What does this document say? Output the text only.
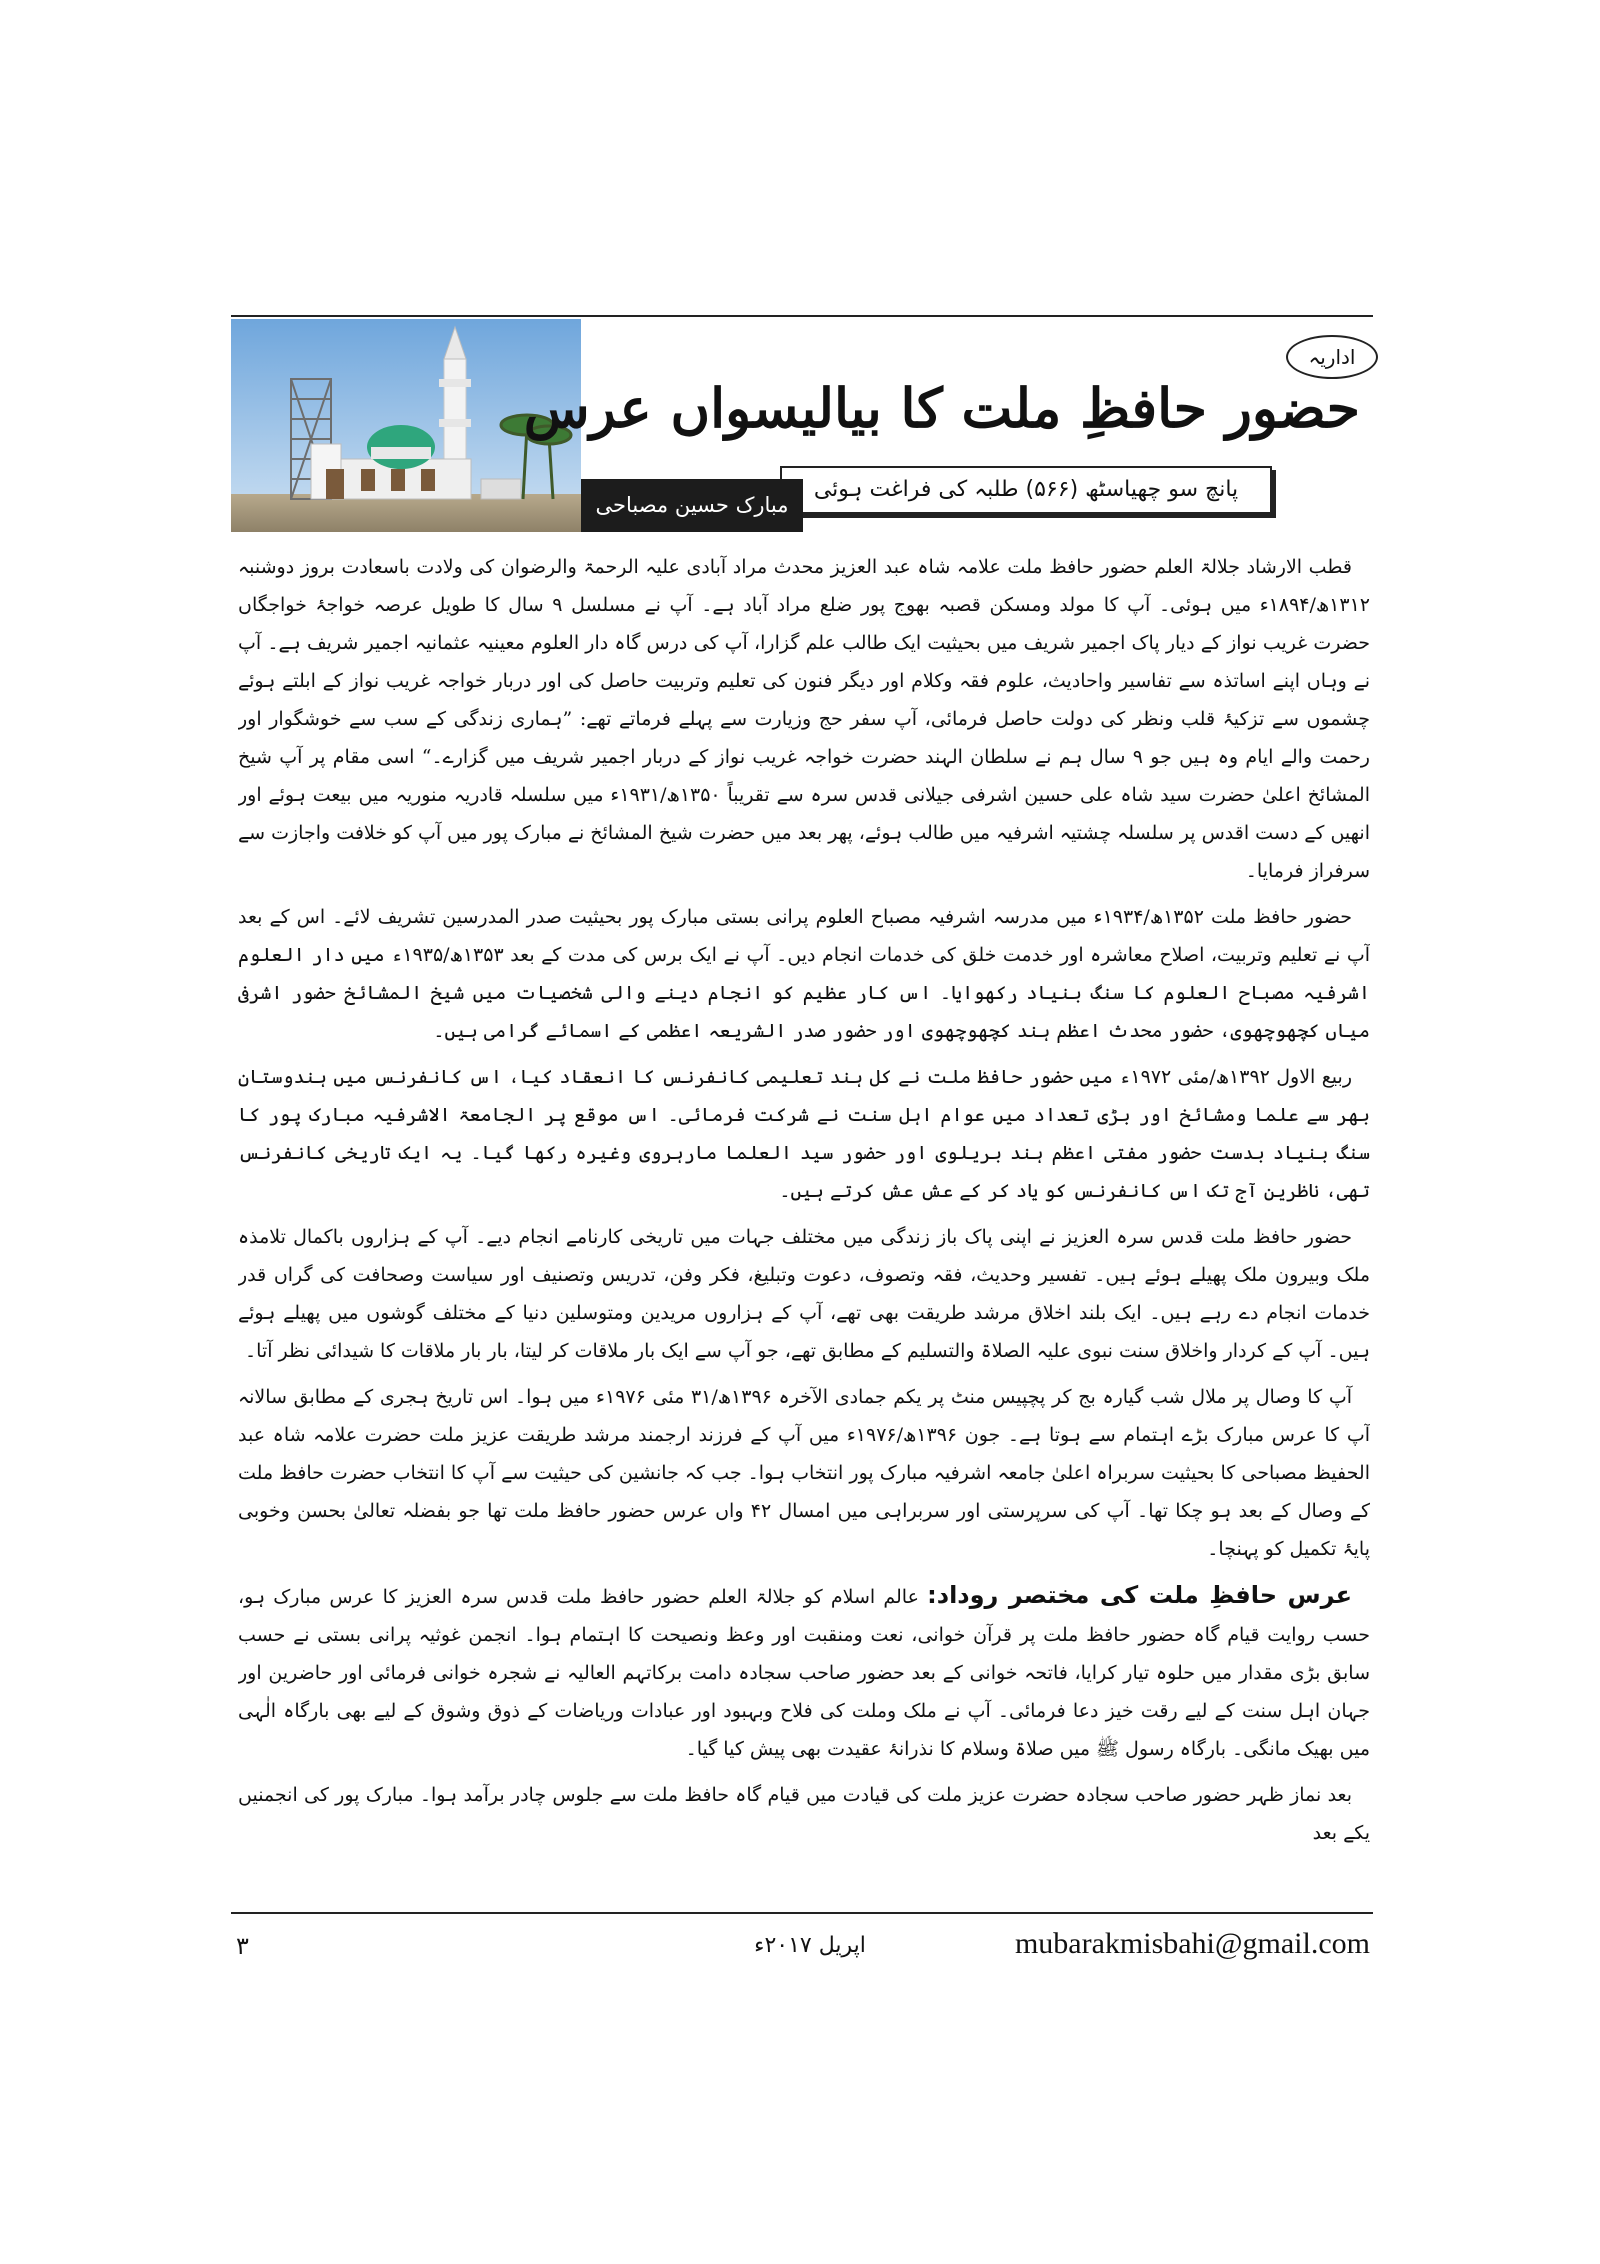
اداریہ
حضور حافظِ ملت کا بیالیسواں عرس
پانچ سو چھیاسٹھ (۵۶۶) طلبہ کی فراغت ہوئی
مبارک حسین مصباحی

قطب الارشاد جلالۃ العلم حضور حافظ ملت علامہ شاہ عبد العزیز محدث مراد آبادی علیہ الرحمۃ والرضوان کی ولادت باسعادت بروز دوشنبہ ۱۳۱۲ھ/۱۸۹۴ء میں ہوئی۔ آپ کا مولد ومسکن قصبہ بھوج پور ضلع مراد آباد ہے۔ آپ نے مسلسل ۹ سال کا طویل عرصہ خواجۂ خواجگاں حضرت غریب نواز کے دیار پاک اجمیر شریف میں بحیثیت ایک طالب علم گزارا، آپ کی درس گاہ دار العلوم معینیہ عثمانیہ اجمیر شریف ہے۔ آپ نے وہاں اپنے اساتذہ سے تفاسیر واحادیث، علوم فقہ وکلام اور دیگر فنون کی تعلیم وتربیت حاصل کی اور دربار خواجہ غریب نواز کے ابلتے ہوئے چشموں سے تزکیۂ قلب ونظر کی دولت حاصل فرمائی، آپ سفر حج وزیارت سے پہلے فرماتے تھے: ”ہماری زندگی کے سب سے خوشگوار اور رحمت والے ایام وہ ہیں جو ۹ سال ہم نے سلطان الہند حضرت خواجہ غریب نواز کے دربار اجمیر شریف میں گزارے۔“ اسی مقام پر آپ شیخ المشائخ اعلیٰ حضرت سید شاہ علی حسین اشرفی جیلانی قدس سرہ سے تقریباً ۱۳۵۰ھ/۱۹۳۱ء میں سلسلہ قادریہ منوریہ میں بیعت ہوئے اور انھیں کے دست اقدس پر سلسلہ چشتیہ اشرفیہ میں طالب ہوئے، پھر بعد میں حضرت شیخ المشائخ نے مبارک پور میں آپ کو خلافت واجازت سے سرفراز فرمایا۔

حضور حافظ ملت ۱۳۵۲ھ/۱۹۳۴ء میں مدرسہ اشرفیہ مصباح العلوم پرانی بستی مبارک پور بحیثیت صدر المدرسین تشریف لائے۔ اس کے بعد آپ نے تعلیم وتربیت، اصلاح معاشرہ اور خدمت خلق کی خدمات انجام دیں۔ آپ نے ایک برس کی مدت کے بعد ۱۳۵۳ھ/۱۹۳۵ء میں دار العلوم اشرفیہ مصباح العلوم کا سنگ بنیاد رکھوایا۔ اس کار عظیم کو انجام دینے والی شخصیات میں شیخ المشائخ حضور اشرفی میاں کچھوچھوی، حضور محدث اعظم ہند کچھوچھوی اور حضور صدر الشریعہ اعظمی کے اسمائے گرامی ہیں۔

ربیع الاول ۱۳۹۲ھ/مئی ۱۹۷۲ء میں حضور حافظ ملت نے کل ہند تعلیمی کانفرنس کا انعقاد کیا، اس کانفرنس میں ہندوستان بھر سے علما ومشائخ اور بڑی تعداد میں عوام اہل سنت نے شرکت فرمائی۔ اس موقع پر الجامعۃ الاشرفیہ مبارک پور کا سنگ بنیاد بدست حضور مفتی اعظم ہند بریلوی اور حضور سید العلما مارہروی وغیرہ رکھا گیا۔ یہ ایک تاریخی کانفرنس تھی، ناظرین آج تک اس کانفرنس کو یاد کر کے عش عش کرتے ہیں۔

حضور حافظ ملت قدس سرہ العزیز نے اپنی پاک باز زندگی میں مختلف جہات میں تاریخی کارنامے انجام دیے۔ آپ کے ہزاروں باکمال تلامذہ ملک وبیرون ملک پھیلے ہوئے ہیں۔ تفسیر وحدیث، فقہ وتصوف، دعوت وتبلیغ، فکر وفن، تدریس وتصنیف اور سیاست وصحافت کی گراں قدر خدمات انجام دے رہے ہیں۔ ایک بلند اخلاق مرشد طریقت بھی تھے، آپ کے ہزاروں مریدین ومتوسلین دنیا کے مختلف گوشوں میں پھیلے ہوئے ہیں۔ آپ کے کردار واخلاق سنت نبوی علیہ الصلاۃ والتسلیم کے مطابق تھے، جو آپ سے ایک بار ملاقات کر لیتا، بار بار ملاقات کا شیدائی نظر آتا۔

آپ کا وصال پر ملال شب گیارہ بج کر پچپیس منٹ پر یکم جمادی الآخرہ ۱۳۹۶ھ/۳۱ مئی ۱۹۷۶ء میں ہوا۔ اس تاریخ ہجری کے مطابق سالانہ آپ کا عرس مبارک بڑے اہتمام سے ہوتا ہے۔ جون ۱۳۹۶ھ/۱۹۷۶ء میں آپ کے فرزند ارجمند مرشد طریقت عزیز ملت حضرت علامہ شاہ عبد الحفیظ مصباحی کا بحیثیت سربراہ اعلیٰ جامعہ اشرفیہ مبارک پور انتخاب ہوا۔ جب کہ جانشین کی حیثیت سے آپ کا انتخاب حضرت حافظ ملت کے وصال کے بعد ہو چکا تھا۔ آپ کی سرپرستی اور سربراہی میں امسال ۴۲ واں عرس حضور حافظ ملت تھا جو بفضلہ تعالیٰ بحسن وخوبی پایۂ تکمیل کو پہنچا۔

عرس حافظِ ملت کی مختصر روداد: عالم اسلام کو جلالۃ العلم حضور حافظ ملت قدس سرہ العزیز کا عرس مبارک ہو، حسب روایت قیام گاہ حضور حافظ ملت پر قرآن خوانی، نعت ومنقبت اور وعظ ونصیحت کا اہتمام ہوا۔ انجمن غوثیہ پرانی بستی نے حسب سابق بڑی مقدار میں حلوہ تیار کرایا، فاتحہ خوانی کے بعد حضور صاحب سجادہ دامت برکاتہم العالیہ نے شجرہ خوانی فرمائی اور حاضرین اور جہان اہل سنت کے لیے رقت خیز دعا فرمائی۔ آپ نے ملک وملت کی فلاح وبہبود اور عبادات وریاضات کے ذوق وشوق کے لیے بھی بارگاہ الٰہی میں بھیک مانگی۔ بارگاہ رسول ﷺ میں صلاۃ وسلام کا نذرانۂ عقیدت بھی پیش کیا گیا۔

بعد نماز ظہر حضور صاحب سجادہ حضرت عزیز ملت کی قیادت میں قیام گاہ حافظ ملت سے جلوس چادر برآمد ہوا۔ مبارک پور کی انجمنیں یکے بعد

mubarakmisbahi@gmail.com
اپریل ۲۰۱۷ء
۳
